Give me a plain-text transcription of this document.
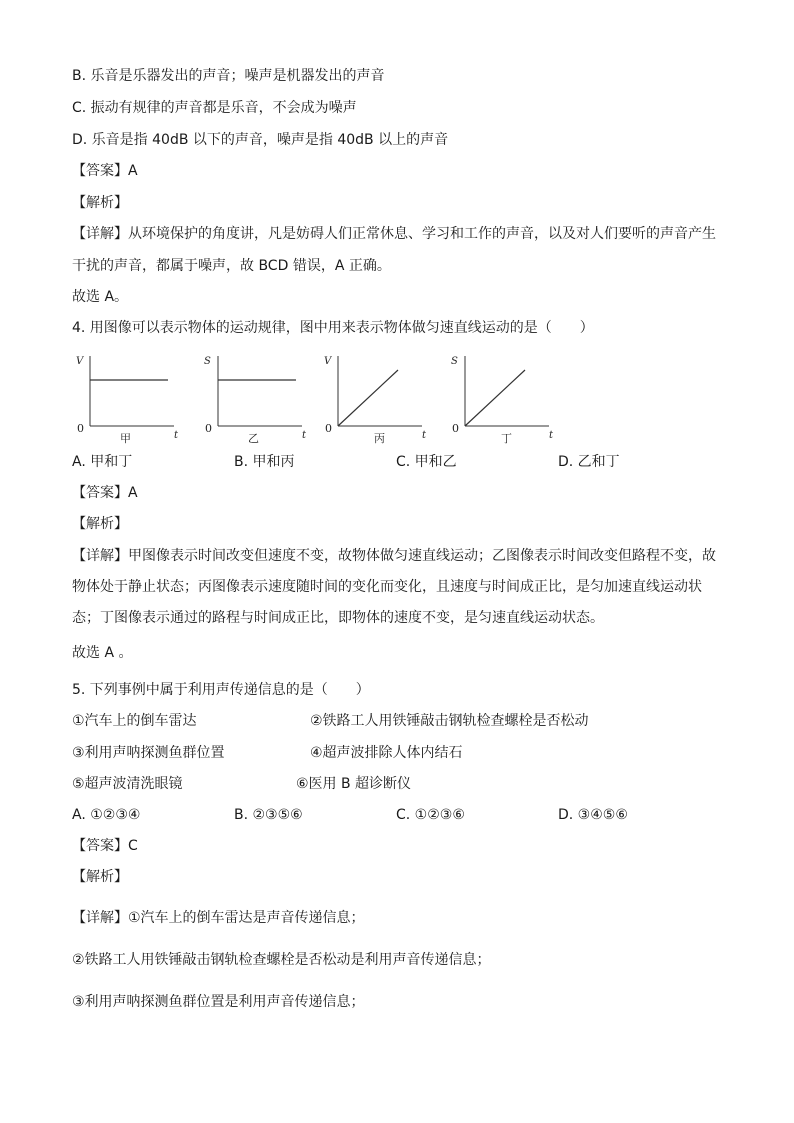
B. 乐音是乐器发出的声音；噪声是机器发出的声音
C. 振动有规律的声音都是乐音，不会成为噪声
D. 乐音是指 40dB 以下的声音，噪声是指 40dB 以上的声音
【答案】A
【解析】
【详解】从环境保护的角度讲，凡是妨碍人们正常休息、学习和工作的声音，以及对人们要听的声音产生
干扰的声音，都属于噪声，故 BCD 错误，A 正确。
故选 A。
4. 用图像可以表示物体的运动规律，图中用来表示物体做匀速直线运动的是（　　）
V
0
t
甲
S
0
t
乙
V
0
t
丙
S
0
t
丁
A. 甲和丁	B. 甲和丙	C. 甲和乙	D. 乙和丁
【答案】A
【解析】
【详解】甲图像表示时间改变但速度不变，故物体做匀速直线运动；乙图像表示时间改变但路程不变，故
物体处于静止状态；丙图像表示速度随时间的变化而变化，且速度与时间成正比，是匀加速直线运动状
态；丁图像表示通过的路程与时间成正比，即物体的速度不变，是匀速直线运动状态。
故选 A 。
5. 下列事例中属于利用声传递信息的是（　　）
①汽车上的倒车雷达	②铁路工人用铁锤敲击钢轨检查螺栓是否松动
③利用声呐探测鱼群位置	④超声波排除人体内结石
⑤超声波清洗眼镜	⑥医用 B 超诊断仪
A. ①②③④	B. ②③⑤⑥	C. ①②③⑥	D. ③④⑤⑥
【答案】C
【解析】
【详解】①汽车上的倒车雷达是声音传递信息；
②铁路工人用铁锤敲击钢轨检查螺栓是否松动是利用声音传递信息；
③利用声呐探测鱼群位置是利用声音传递信息；
